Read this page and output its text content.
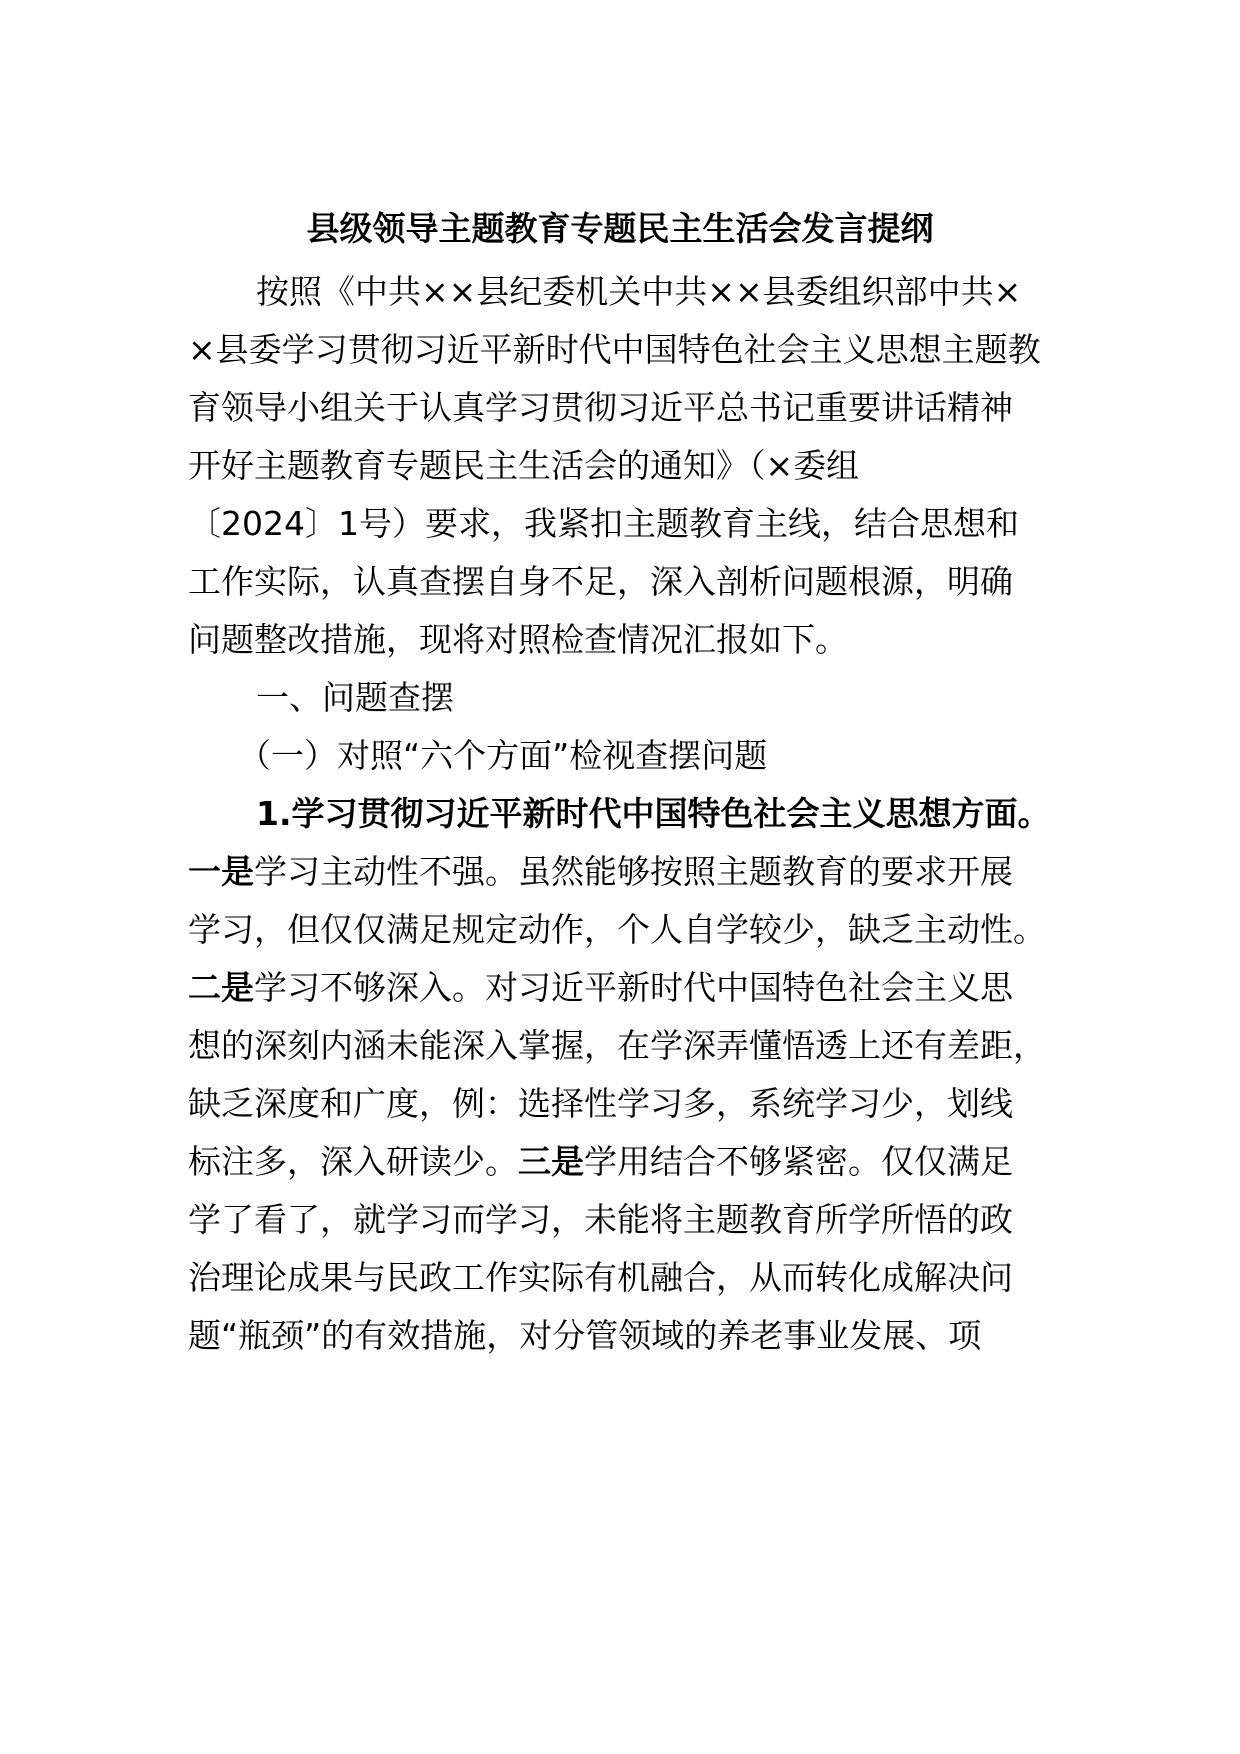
县级领导主题教育专题民主生活会发言提纲

按照《中共××县纪委机关中共××县委组织部中共×

×县委学习贯彻习近平新时代中国特色社会主义思想主题教

育领导小组关于认真学习贯彻习近平总书记重要讲话精神

开好主题教育专题民主生活会的通知》（×委组

〔2024〕1号）要求，我紧扣主题教育主线，结合思想和

工作实际，认真查摆自身不足，深入剖析问题根源，明确

问题整改措施，现将对照检查情况汇报如下。

一、问题查摆

（一）对照“六个方面”检视查摆问题

1.学习贯彻习近平新时代中国特色社会主义思想方面。

一是学习主动性不强。虽然能够按照主题教育的要求开展

学习，但仅仅满足规定动作，个人自学较少，缺乏主动性。

二是学习不够深入。对习近平新时代中国特色社会主义思

想的深刻内涵未能深入掌握，在学深弄懂悟透上还有差距，

缺乏深度和广度，例：选择性学习多，系统学习少，划线

标注多，深入研读少。三是学用结合不够紧密。仅仅满足

学了看了，就学习而学习，未能将主题教育所学所悟的政

治理论成果与民政工作实际有机融合，从而转化成解决问

题“瓶颈”的有效措施，对分管领域的养老事业发展、项
